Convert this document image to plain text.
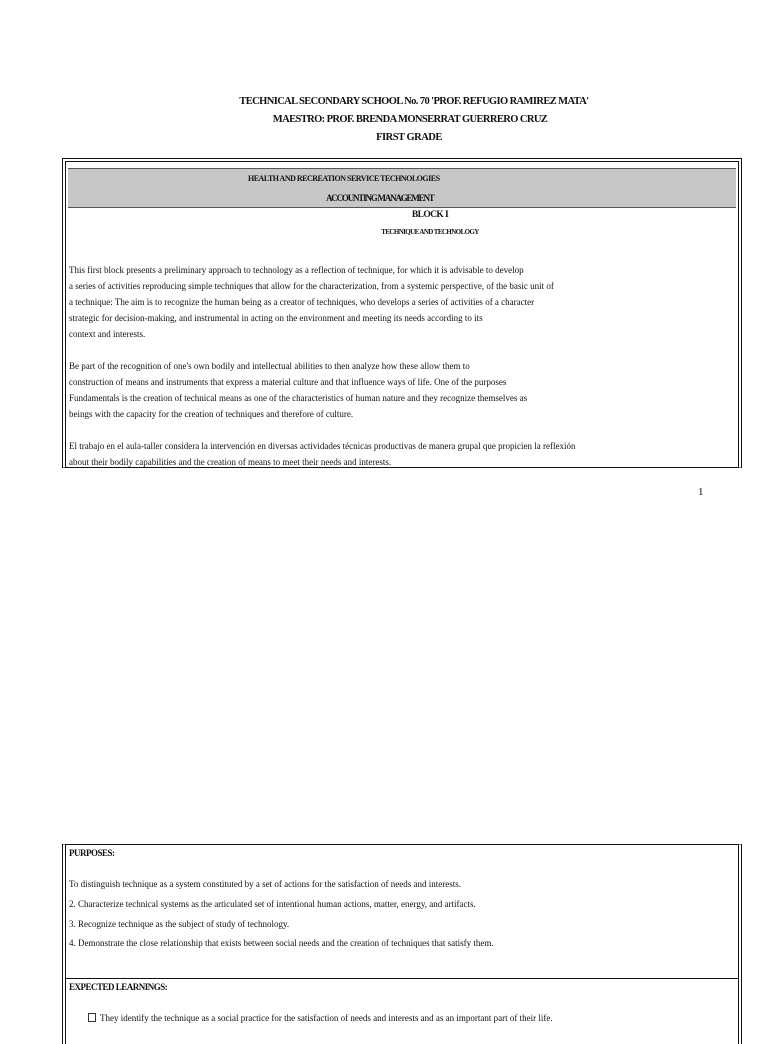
TECHNICAL SECONDARY SCHOOL No. 70 'PROF. REFUGIO RAMIREZ MATA'
MAESTRO: PROF. BRENDA MONSERRAT GUERRERO CRUZ
FIRST GRADE
HEALTH AND RECREATION SERVICE TECHNOLOGIES
ACCOUNTING MANAGEMENT
BLOCK I
TECHNIQUE AND TECHNOLOGY
This first block presents a preliminary approach to technology as a reflection of technique, for which it is advisable to develop
a series of activities reproducing simple techniques that allow for the characterization, from a systemic perspective, of the basic unit of
a technique: The aim is to recognize the human being as a creator of techniques, who develops a series of activities of a character
strategic for decision-making, and instrumental in acting on the environment and meeting its needs according to its
context and interests.
Be part of the recognition of one's own bodily and intellectual abilities to then analyze how these allow them to
construction of means and instruments that express a material culture and that influence ways of life. One of the purposes
Fundamentals is the creation of technical means as one of the characteristics of human nature and they recognize themselves as
beings with the capacity for the creation of techniques and therefore of culture.
El trabajo en el aula-taller considera la intervención en diversas actividades técnicas productivas de manera grupal que propicien la reflexión
about their bodily capabilities and the creation of means to meet their needs and interests.
1
PURPOSES:
To distinguish technique as a system constituted by a set of actions for the satisfaction of needs and interests.
2. Characterize technical systems as the articulated set of intentional human actions, matter, energy, and artifacts.
3. Recognize technique as the subject of study of technology.
4. Demonstrate the close relationship that exists between social needs and the creation of techniques that satisfy them.
EXPECTED LEARNINGS:
They identify the technique as a social practice for the satisfaction of needs and interests and as an important part of their life.
